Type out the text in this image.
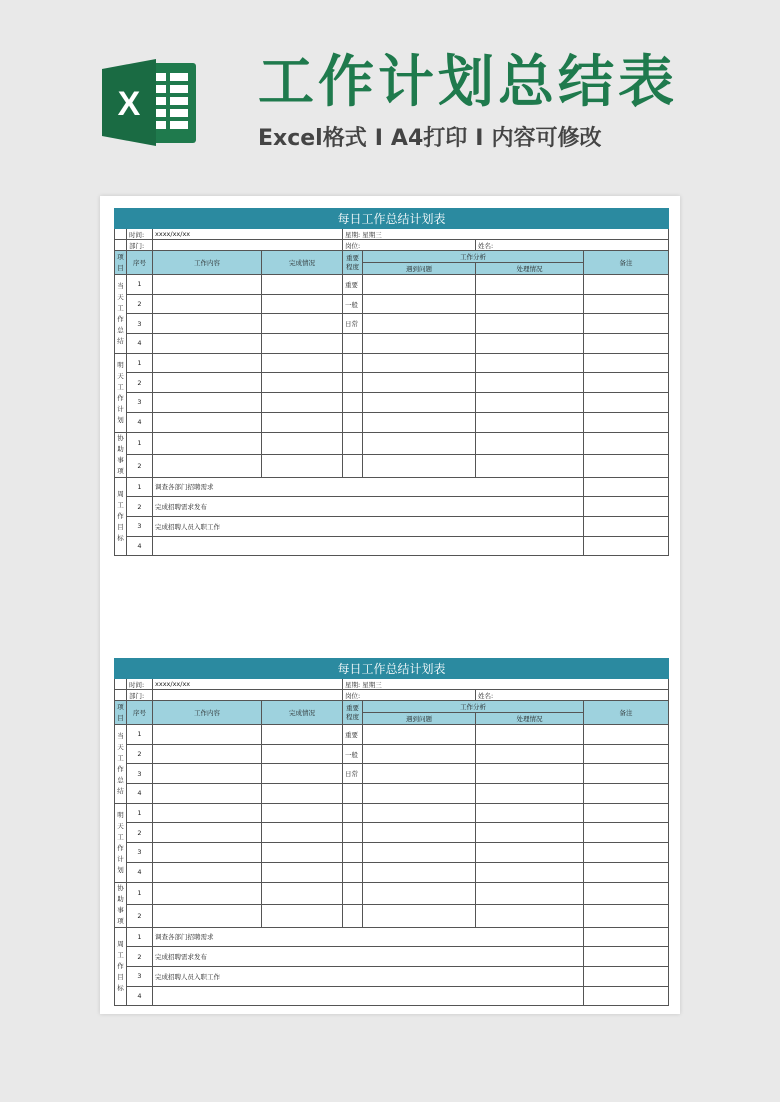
X 工作计划总结表
Excel格式 I A4打印 I 内容可修改
每日工作总结计划表							
	时间:	xxxx/xx/xx		星期: 星期三			
	部门:			岗位:		姓名:	
项目	序号	工作内容	完成情况	重要程度	工作分析		备注
					遇到问题	处理情况	
当天工作总结	1			重要			
	2			一般			
	3			日常			
	4						
明天工作计划	1						
	2						
	3						
	4						
协助事项	1						
	2						
周工作目标	1	调查各部门招聘需求					
	2	完成招聘需求发布					
	3	完成招聘人员入职工作					
	4						
每日工作总结计划表							
	时间:	xxxx/xx/xx		星期: 星期三			
	部门:			岗位:		姓名:	
项目	序号	工作内容	完成情况	重要程度	工作分析		备注
					遇到问题	处理情况	
当天工作总结	1			重要			
	2			一般			
	3			日常			
	4						
明天工作计划	1						
	2						
	3						
	4						
协助事项	1						
	2						
周工作目标	1	调查各部门招聘需求					
	2	完成招聘需求发布					
	3	完成招聘人员入职工作					
	4						
